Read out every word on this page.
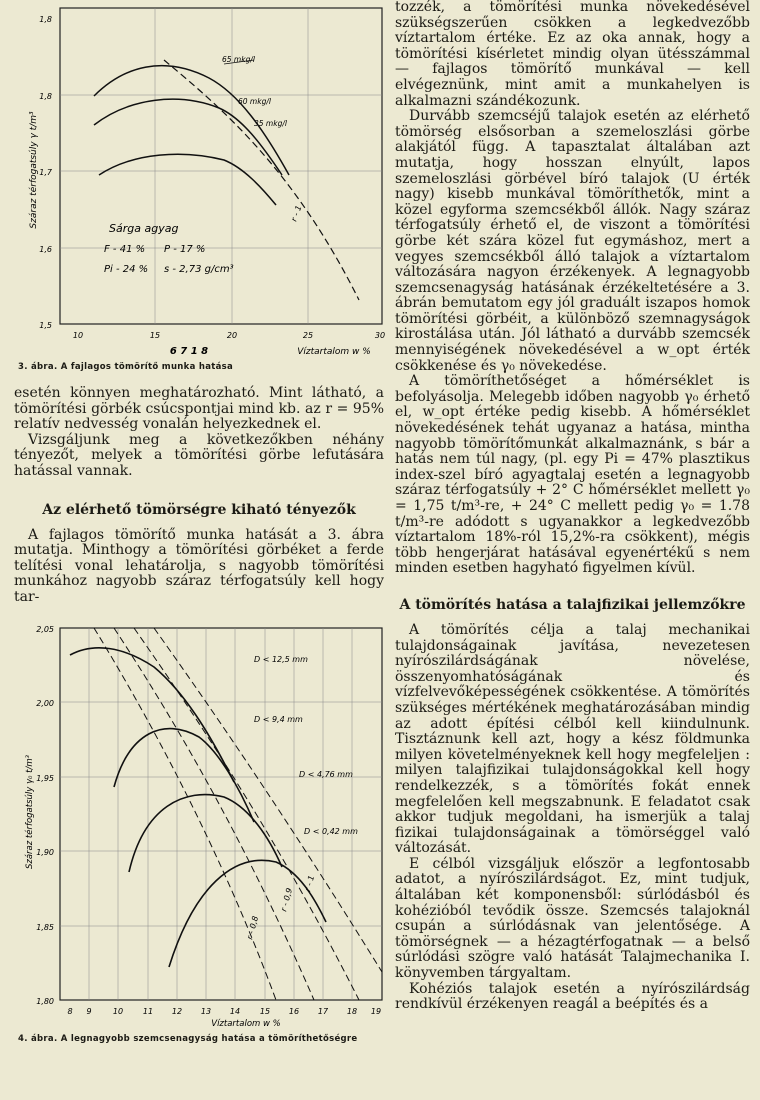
1,8
1,8
1,7
1,6
1,5
10	15	20	25	30
6 7 1 8	Víztartalom w %
Száraz térfogatsúly γ t/m³
65 mkg/l
60 mkg/l
35 mkg/l
r - 1
Sárga agyag
F - 41 % P - 17 %
Pi - 24 % s - 2,73 g/cm³
3. ábra. A fajlagos tömörítő munka hatása

esetén könnyen meghatározható. Mint látható, a tömörítési görbék csúcspontjai mind kb. az r = 95% relatív nedvesség vonalán helyezkednek el.

Vizsgáljunk meg a következőkben néhány tényezőt, melyek a tömörítési görbe lefutására hatással vannak.

Az elérhető tömörségre kiható tényezők

A fajlagos tömörítő munka hatását a 3. ábra mutatja. Minthogy a tömörítési görbéket a ferde telítési vonal lehatárolja, s nagyobb tömörítési munkához nagyobb száraz térfogatsúly kell hogy tar-

2,05
2,00
1,95
1,90
1,85
1,80
8 9	10 11 12 13 14 15 16 17 18 19
Víztartalom w %
Száraz térfogatsúly γ₀ t/m³
D < 12,5 mm
D < 9,4 mm
D < 4,76 mm
D < 0,42 mm
r - 1
r - 0,9
r - 0,8
4. ábra. A legnagyobb szemcsenagyság hatása a tömöríthetőségre

tozzék, a tömörítési munka növekedésével szükségszerűen csökken a legkedvezőbb víztartalom értéke. Ez az oka annak, hogy a tömörítési kísérletet mindig olyan ütésszámmal — fajlagos tömörítő munkával — kell elvégeznünk, mint amit a munkahelyen is alkalmazni szándékozunk.

Durvább szemcséjű talajok esetén az elérhető tömörség elsősorban a szemeloszlási görbe alakjától függ. A tapasztalat általában azt mutatja, hogy hosszan elnyúlt, lapos szemeloszlási görbével bíró talajok (U érték nagy) kisebb munkával tömöríthetők, mint a közel egyforma szemcsékből állók. Nagy száraz térfogatsúly érhető el, de viszont a tömörítési görbe két szára közel fut egymáshoz, mert a vegyes szemcsékből álló talajok a víztartalom változására nagyon érzékenyek. A legnagyobb szemcsenagyság hatásának érzékeltetésére a 3. ábrán bemutatom egy jól graduált iszapos homok tömörítési görbéit, a különböző szemnagyságok kirostálása után. Jól látható a durvább szemcsék mennyiségének növekedésével a w_opt érték csökkenése és γ₀ növekedése.

A tömöríthetőséget a hőmérséklet is befolyásolja. Melegebb időben nagyobb γ₀ érhető el, w_opt értéke pedig kisebb. A hőmérséklet növekedésének tehát ugyanaz a hatása, mintha nagyobb tömörítőmunkát alkalmaznánk, s bár a hatás nem túl nagy, (pl. egy Pi = 47% plasztikus index-szel bíró agyagtalaj esetén a legnagyobb száraz térfogatsúly + 2° C hőmérséklet mellett γ₀ = 1,75 t/m³-re, + 24° C mellett pedig γ₀ = 1.78 t/m³-re adódott s ugyanakkor a legkedvezőbb víztartalom 18%-ról 15,2%-ra csökkent), mégis több hengerjárat hatásával egyenértékű s nem minden esetben hagyható figyelmen kívül.

A tömörítés hatása a talajfizikai jellemzőkre

A tömörítés célja a talaj mechanikai tulajdonságainak javítása, nevezetesen nyírószilárdságának növelése, összenyomhatóságának és vízfelvevőképességének csökkentése. A tömörítés szükséges mértékének meghatározásában mindig az adott építési célból kell kiindulnunk. Tisztáznunk kell azt, hogy a kész földmunka milyen követelményeknek kell hogy megfeleljen : milyen talajfizikai tulajdonságokkal kell hogy rendelkezzék, s a tömörítés fokát ennek megfelelően kell megszabnunk. E feladatot csak akkor tudjuk megoldani, ha ismerjük a talaj fizikai tulajdonságainak a tömörséggel való változását.

E célból vizsgáljuk először a legfontosabb adatot, a nyírószilárdságot. Ez, mint tudjuk, általában két komponensből: súrlódásból és kohézióból tevődik össze. Szemcsés talajoknál csupán a súrlódásnak van jelentősége. A tömörségnek — a hézagtérfogatnak — a belső súrlódási szögre való hatását Talajmechanika I. könyvemben tárgyaltam.

Kohéziós talajok esetén a nyírószilárdság rendkívül érzékenyen reagál a beépítés és a
